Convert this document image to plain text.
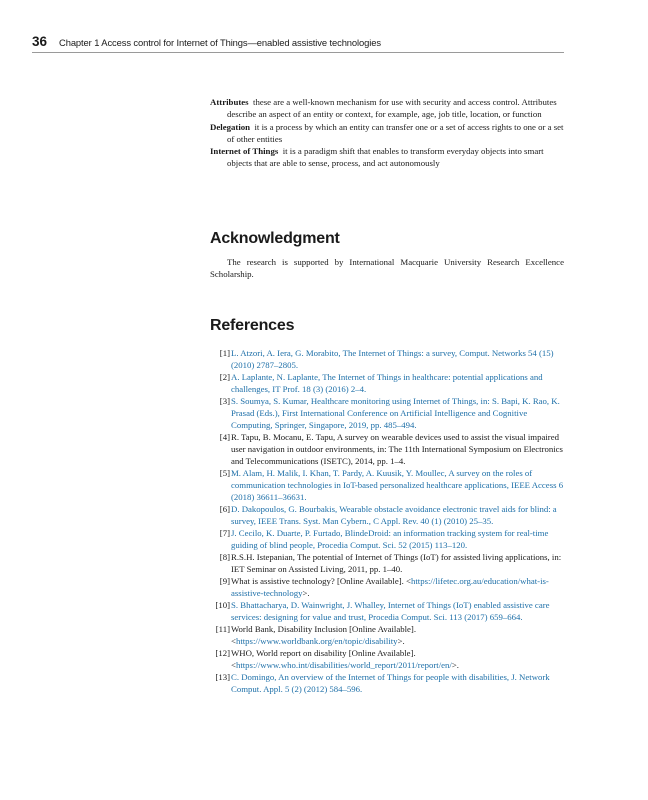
36 Chapter 1 Access control for Internet of Things—enabled assistive technologies
Attributes these are a well-known mechanism for use with security and access control. Attributes describe an aspect of an entity or context, for example, age, job title, location, or function
Delegation it is a process by which an entity can transfer one or a set of access rights to one or a set of other entities
Internet of Things it is a paradigm shift that enables to transform everyday objects into smart objects that are able to sense, process, and act autonomously
Acknowledgment

The research is supported by International Macquarie University Research Excellence Scholarship.

References
[1] L. Atzori, A. Iera, G. Morabito, The Internet of Things: a survey, Comput. Networks 54 (15) (2010) 2787–2805.
[2] A. Laplante, N. Laplante, The Internet of Things in healthcare: potential applications and challenges, IT Prof. 18 (3) (2016) 2–4.
[3] S. Soumya, S. Kumar, Healthcare monitoring using Internet of Things, in: S. Bapi, K. Rao, K. Prasad (Eds.), First International Conference on Artificial Intelligence and Cognitive Computing, Springer, Singapore, 2019, pp. 485–494.
[4] R. Tapu, B. Mocanu, E. Tapu, A survey on wearable devices used to assist the visual impaired user navigation in outdoor environments, in: The 11th International Symposium on Electronics and Telecommunications (ISETC), 2014, pp. 1–4.
[5] M. Alam, H. Malik, I. Khan, T. Pardy, A. Kuusik, Y. Moullec, A survey on the roles of communication technologies in IoT-based personalized healthcare applications, IEEE Access 6 (2018) 36611–36631.
[6] D. Dakopoulos, G. Bourbakis, Wearable obstacle avoidance electronic travel aids for blind: a survey, IEEE Trans. Syst. Man Cybern., C Appl. Rev. 40 (1) (2010) 25–35.
[7] J. Cecilo, K. Duarte, P. Furtado, BlindeDroid: an information tracking system for real-time guiding of blind people, Procedia Comput. Sci. 52 (2015) 113–120.
[8] R.S.H. Istepanian, The potential of Internet of Things (IoT) for assisted living applications, in: IET Seminar on Assisted Living, 2011, pp. 1–40.
[9] What is assistive technology? [Online Available]. <https://lifetec.org.au/education/what-is-assistive-technology>.
[10] S. Bhattacharya, D. Wainwright, J. Whalley, Internet of Things (IoT) enabled assistive care services: designing for value and trust, Procedia Comput. Sci. 113 (2017) 659–664.
[11] World Bank, Disability Inclusion [Online Available]. <https://www.worldbank.org/en/topic/disability>.
[12] WHO, World report on disability [Online Available]. <https://www.who.int/disabilities/world_report/2011/report/en/>.
[13] C. Domingo, An overview of the Internet of Things for people with disabilities, J. Network Comput. Appl. 5 (2) (2012) 584–596.
